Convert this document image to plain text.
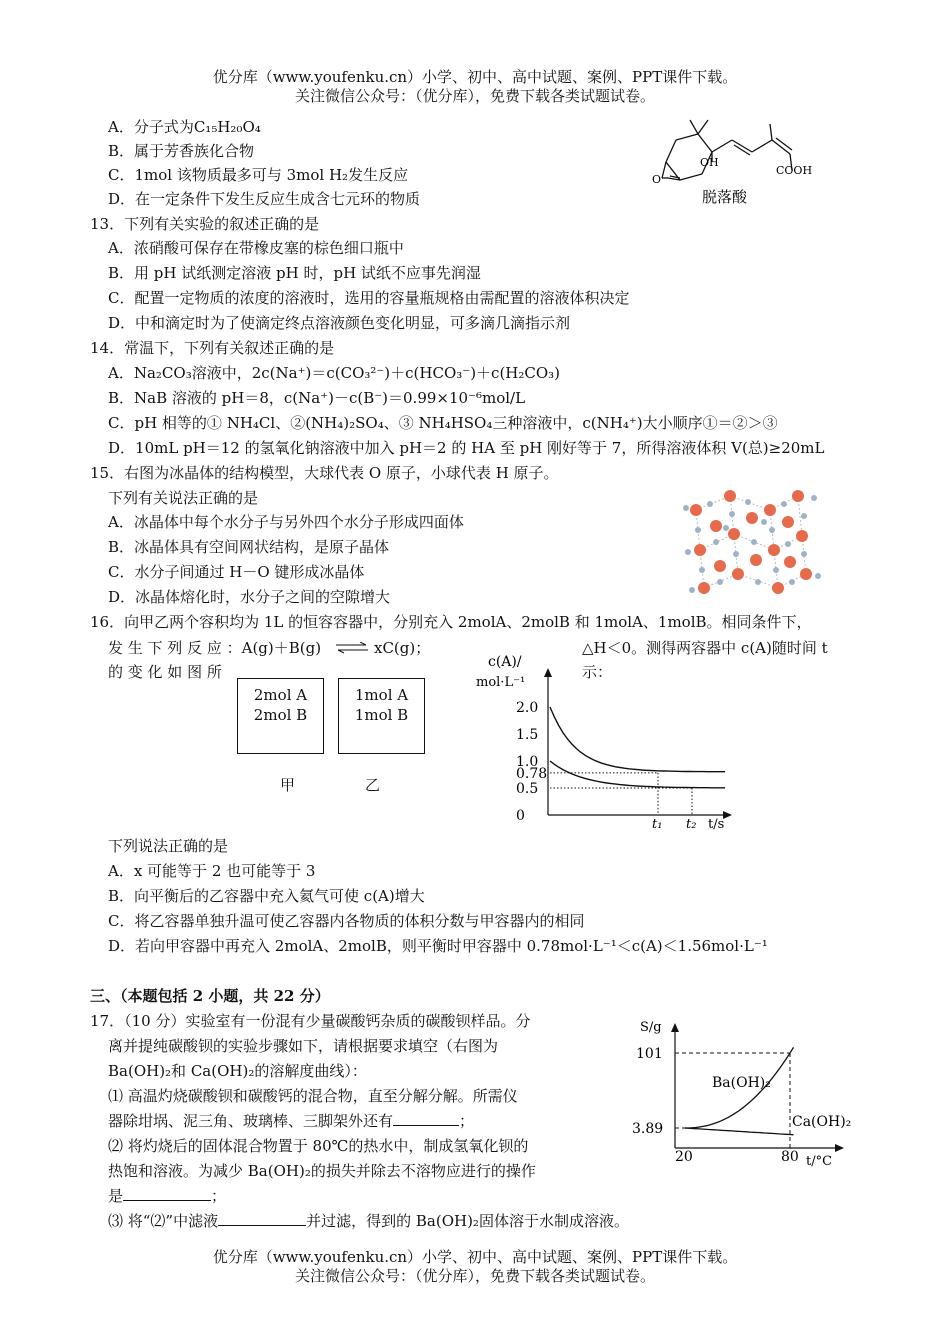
优分库（www.youfenku.cn）小学、初中、高中试题、案例、PPT课件下载。
关注微信公众号：（优分库），免费下载各类试题试卷。
A．分子式为C₁₅H₂₀O₄
B．属于芳香族化合物
C．1mol 该物质最多可与 3mol H₂发生反应
D．在一定条件下发生反应生成含七元环的物质
OH
COOH
O
脱落酸
13．下列有关实验的叙述正确的是
A．浓硝酸可保存在带橡皮塞的棕色细口瓶中
B．用 pH 试纸测定溶液 pH 时，pH 试纸不应事先润湿
C．配置一定物质的浓度的溶液时，选用的容量瓶规格由需配置的溶液体积决定
D．中和滴定时为了使滴定终点溶液颜色变化明显，可多滴几滴指示剂
14．常温下，下列有关叙述正确的是
A．Na₂CO₃溶液中，2c(Na⁺)＝c(CO₃²⁻)＋c(HCO₃⁻)＋c(H₂CO₃)
B．NaB 溶液的 pH＝8，c(Na⁺)－c(B⁻)＝0.99×10⁻⁶mol/L
C．pH 相等的① NH₄Cl、②(NH₄)₂SO₄、③ NH₄HSO₄三种溶液中，c(NH₄⁺)大小顺序①＝②＞③
D．10mL pH＝12 的氢氧化钠溶液中加入 pH＝2 的 HA 至 pH 刚好等于 7，所得溶液体积 V(总)≥20mL
15．右图为冰晶体的结构模型，大球代表 O 原子，小球代表 H 原子。
下列有关说法正确的是
A．冰晶体中每个水分子与另外四个水分子形成四面体
B．冰晶体具有空间网状结构，是原子晶体
C．水分子间通过 H－O 键形成冰晶体
D．冰晶体熔化时，水分子之间的空隙增大
16．向甲乙两个容积均为 1L 的恒容容器中，分别充入 2molA、2molB 和 1molA、1molB。相同条件下，
发 生 下 列 反 应 ：A(g)＋B(g) ⇌ xC(g)；	△H＜0。测得两容器中 c(A)随时间 t
的 变 化 如 图 所	示：
2mol A
2mol B
1mol A
1mol B
甲	乙
c(A)/
mol·L⁻¹
2.0
1.5
1.0
0.78
0.5
0
t₁ t₂ t/s
下列说法正确的是
A．x 可能等于 2 也可能等于 3
B．向平衡后的乙容器中充入氦气可使 c(A)增大
C．将乙容器单独升温可使乙容器内各物质的体积分数与甲容器内的相同
D．若向甲容器中再充入 2molA、2molB，则平衡时甲容器中 0.78mol·L⁻¹＜c(A)＜1.56mol·L⁻¹
三、（本题包括 2 小题，共 22 分）
17．（10 分）实验室有一份混有少量碳酸钙杂质的碳酸钡样品。分
离并提纯碳酸钡的实验步骤如下，请根据要求填空（右图为
Ba(OH)₂和 Ca(OH)₂的溶解度曲线）：
⑴ 高温灼烧碳酸钡和碳酸钙的混合物，直至分解分解。所需仪
器除坩埚、泥三角、玻璃棒、三脚架外还有	；
⑵ 将灼烧后的固体混合物置于 80℃的热水中，制成氢氧化钡的
热饱和溶液。为减少 Ba(OH)₂的损失并除去不溶物应进行的操作
是	；
⑶ 将“⑵”中滤液	并过滤，得到的 Ba(OH)₂固体溶于水制成溶液。
S/g
101
3.89
20	80 t/°C
Ba(OH)₂
Ca(OH)₂
优分库（www.youfenku.cn）小学、初中、高中试题、案例、PPT课件下载。
关注微信公众号：（优分库），免费下载各类试题试卷。
